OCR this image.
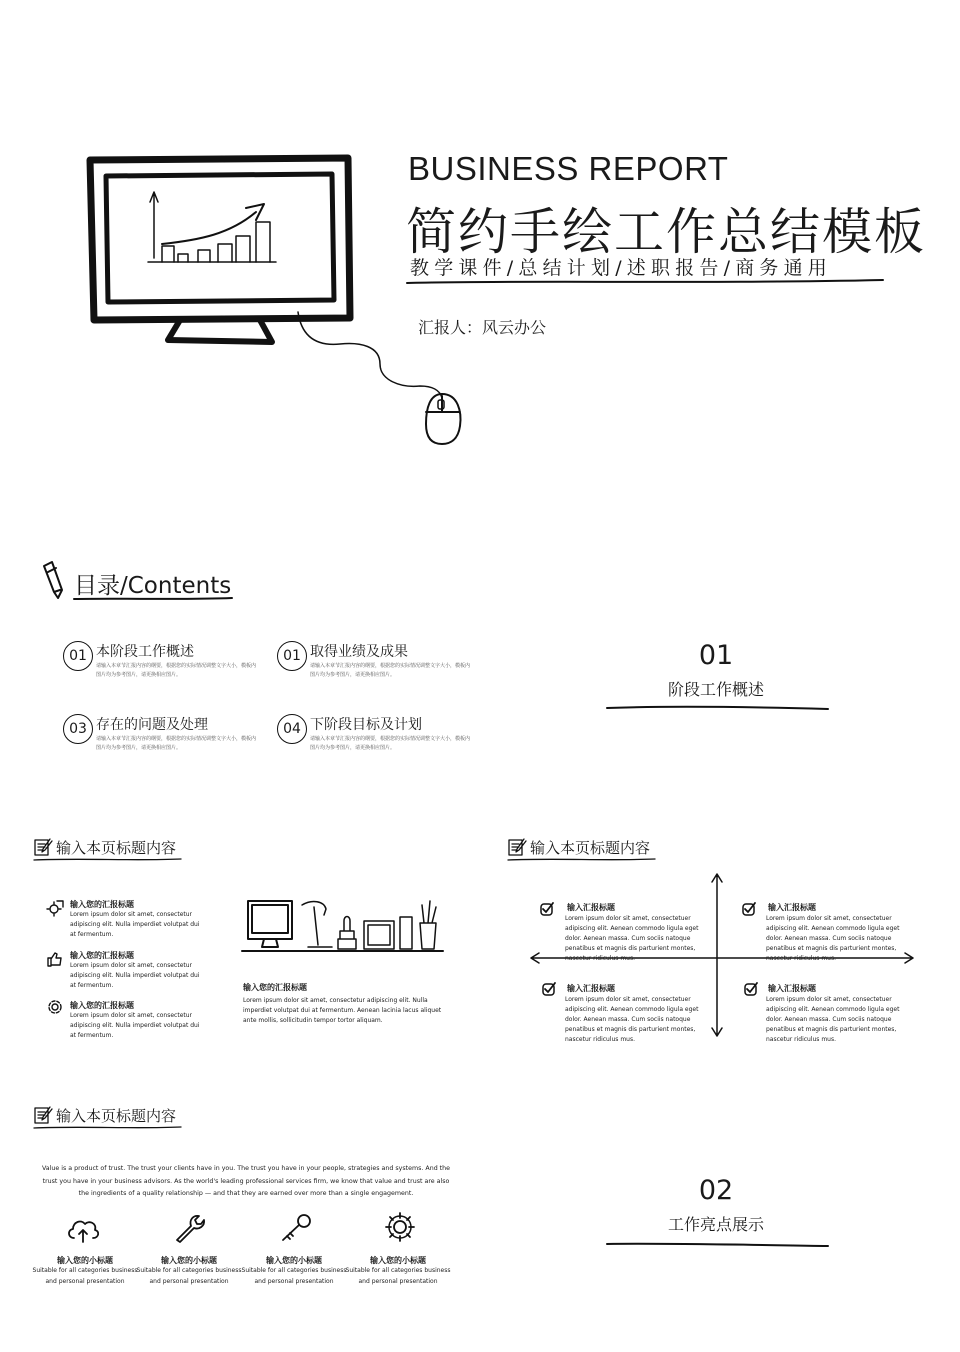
BUSINESS REPORT
简约手绘工作总结模板
教学课件/总结计划/述职报告/商务通用
汇报人：风云办公
目录/Contents
01 本阶段工作概述
请输入本章节汇报内容的纲要，根据您的实际情况调整文字大小，模板内图片均为参考图片，请更换相应图片。
01 取得业绩及成果
请输入本章节汇报内容的纲要，根据您的实际情况调整文字大小，模板内图片均为参考图片，请更换相应图片。
03 存在的问题及处理
请输入本章节汇报内容的纲要，根据您的实际情况调整文字大小，模板内图片均为参考图片，请更换相应图片。
04 下阶段目标及计划
请输入本章节汇报内容的纲要，根据您的实际情况调整文字大小，模板内图片均为参考图片，请更换相应图片。
01
阶段工作概述
输入本页标题内容
输入您的汇报标题
Lorem ipsum dolor sit amet, consectetur adipiscing elit. Nulla imperdiet volutpat dui at fermentum.
输入您的汇报标题
Lorem ipsum dolor sit amet, consectetur adipiscing elit. Nulla imperdiet volutpat dui at fermentum.
输入您的汇报标题
Lorem ipsum dolor sit amet, consectetur adipiscing elit. Nulla imperdiet volutpat dui at fermentum.
输入您的汇报标题
Lorem ipsum dolor sit amet, consectetur adipiscing elit. Nulla imperdiet volutpat dui at fermentum. Aenean lacinia lacus aliquet ante mollis, sollicitudin tempor tortor aliquam.
输入本页标题内容
输入汇报标题
Lorem ipsum dolor sit amet, consectetuer adipiscing elit. Aenean commodo ligula eget dolor. Aenean massa. Cum sociis natoque penatibus et magnis dis parturient montes, nascetur ridiculus mus.
输入汇报标题
Lorem ipsum dolor sit amet, consectetuer adipiscing elit. Aenean commodo ligula eget dolor. Aenean massa. Cum sociis natoque penatibus et magnis dis parturient montes, nascetur ridiculus mus.
输入汇报标题
Lorem ipsum dolor sit amet, consectetuer adipiscing elit. Aenean commodo ligula eget dolor. Aenean massa. Cum sociis natoque penatibus et magnis dis parturient montes, nascetur ridiculus mus.
输入汇报标题
Lorem ipsum dolor sit amet, consectetuer adipiscing elit. Aenean commodo ligula eget dolor. Aenean massa. Cum sociis natoque penatibus et magnis dis parturient montes, nascetur ridiculus mus.
输入本页标题内容
Value is a product of trust. The trust your clients have in you. The trust you have in your people, strategies and systems. And the trust you have in your business advisors. As the world's leading professional services firm, we know that value and trust are also the ingredients of a quality relationship — and that they are earned over more than a single engagement.
输入您的小标题
Suitable for all categories business and personal presentation
输入您的小标题
Suitable for all categories business and personal presentation
输入您的小标题
Suitable for all categories business and personal presentation
输入您的小标题
Suitable for all categories business and personal presentation
02
工作亮点展示
